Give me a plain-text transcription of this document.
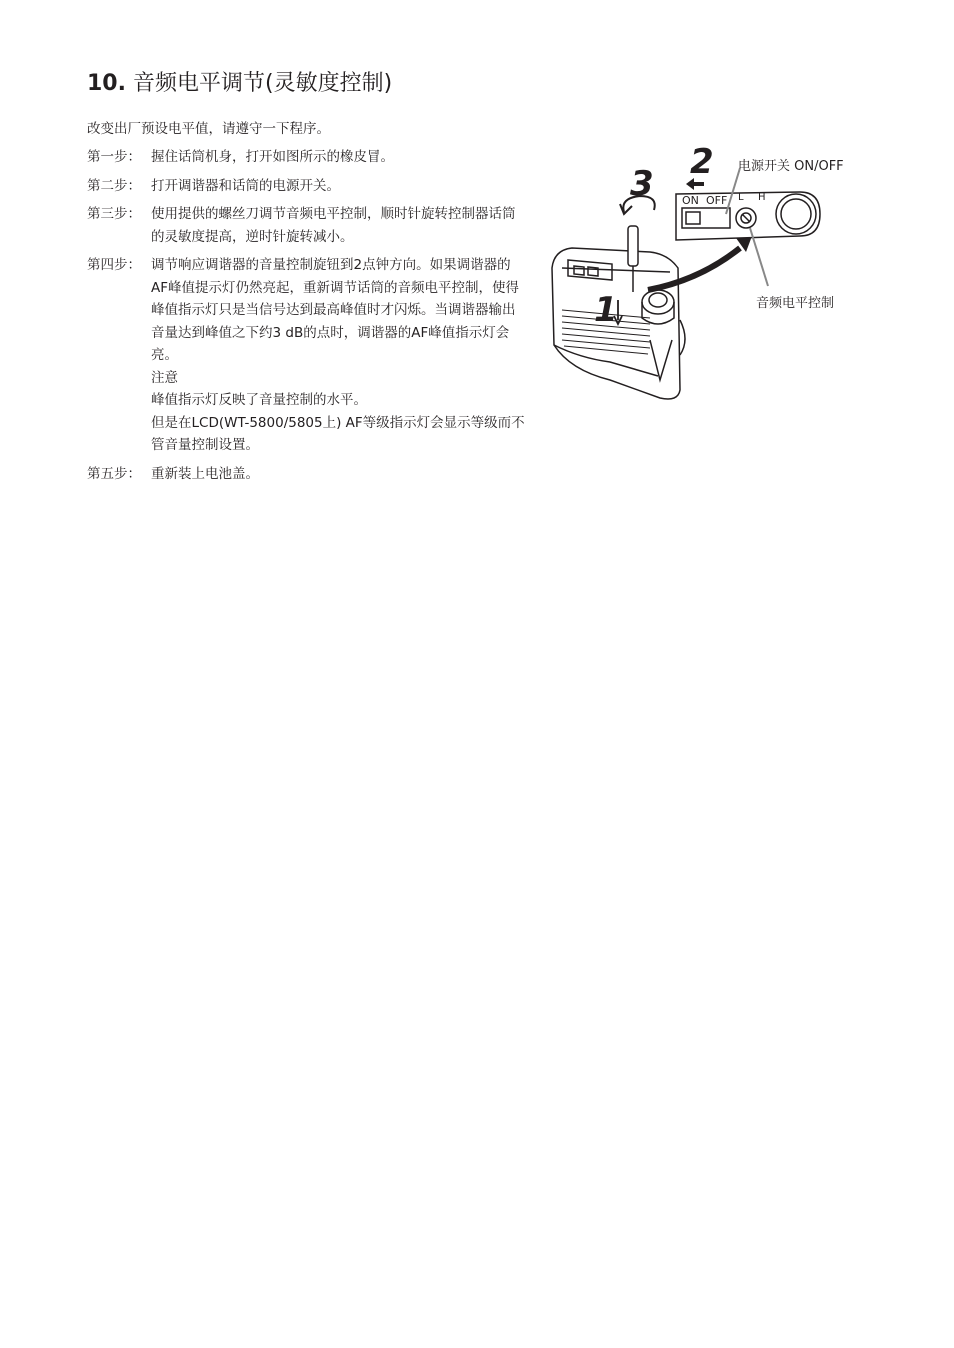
10. 音频电平调节(灵敏度控制)

改变出厂预设电平值，请遵守一下程序。

第一步： 握住话筒机身，打开如图所示的橡皮冒。

第二步： 打开调谐器和话筒的电源开关。

第三步： 使用提供的螺丝刀调节音频电平控制，顺时针旋转控制器话筒的灵敏度提高，逆时针旋转减小。

第四步： 调节响应调谐器的音量控制旋钮到2点钟方向。如果调谐器的AF峰值提示灯仍然亮起，重新调节话筒的音频电平控制，使得峰值指示灯只是当信号达到最高峰值时才闪烁。当调谐器输出音量达到峰值之下约3 dB的点时，调谐器的AF峰值指示灯会亮。

注意

峰值指示灯反映了音量控制的水平。

但是在LCD(WT-5800/5805上) AF等级指示灯会显示等级而不管音量控制设置。

第五步： 重新装上电池盖。

3
2
1
ON OFF L H
电源开关 ON/OFF
音频电平控制
